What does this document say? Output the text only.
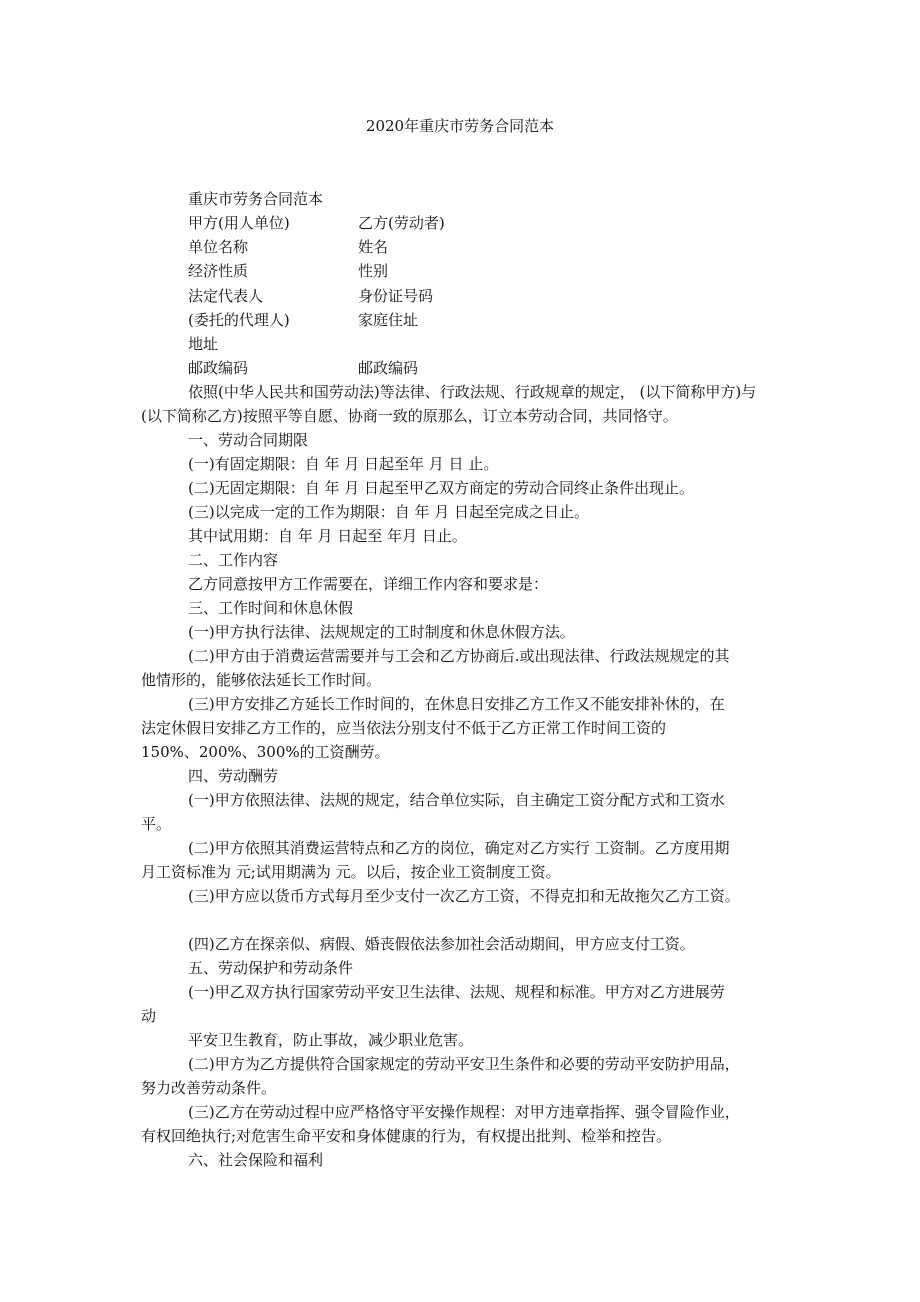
2020年重庆市劳务合同范本
重庆市劳务合同范本
甲方(用人单位)	乙方(劳动者)
单位名称	姓名
经济性质	性别
法定代表人	身份证号码
(委托的代理人)	家庭住址
地址
邮政编码	邮政编码
依照(中华人民共和国劳动法)等法律、行政法规、行政规章的规定， (以下简称甲方)与
(以下简称乙方)按照平等自愿、协商一致的原那么，订立本劳动合同，共同恪守。
一、劳动合同期限
(一)有固定期限：自 年 月 日起至年 月 日 止。
(二)无固定期限：自 年 月 日起至甲乙双方商定的劳动合同终止条件出现止。
(三)以完成一定的工作为期限：自 年 月 日起至完成之日止。
其中试用期：自 年 月 日起至 年月 日止。
二、工作内容
乙方同意按甲方工作需要在，详细工作内容和要求是：
三、工作时间和休息休假
(一)甲方执行法律、法规规定的工时制度和休息休假方法。
(二)甲方由于消费运营需要并与工会和乙方协商后.或出现法律、行政法规规定的其
他情形的，能够依法延长工作时间。
(三)甲方安排乙方延长工作时间的，在休息日安排乙方工作又不能安排补休的，在
法定休假日安排乙方工作的，应当依法分别支付不低于乙方正常工作时间工资的
150%、200%、300%的工资酬劳。
四、劳动酬劳
(一)甲方依照法律、法规的规定，结合单位实际，自主确定工资分配方式和工资水
平。
(二)甲方依照其消费运营特点和乙方的岗位，确定对乙方实行 工资制。乙方度用期
月工资标准为 元;试用期满为 元。以后，按企业工资制度工资。
(三)甲方应以货币方式每月至少支付一次乙方工资，不得克扣和无故拖欠乙方工资。
(四)乙方在探亲似、病假、婚丧假依法参加社会活动期间，甲方应支付工资。
五、劳动保护和劳动条件
(一)甲乙双方执行国家劳动平安卫生法律、法规、规程和标准。甲方对乙方进展劳
动
平安卫生教育，防止事故，减少职业危害。
(二)甲方为乙方提供符合国家规定的劳动平安卫生条件和必要的劳动平安防护用品，
努力改善劳动条件。
(三)乙方在劳动过程中应严格恪守平安操作规程：对甲方违章指挥、强令冒险作业，
有权回绝执行;对危害生命平安和身体健康的行为，有权提出批判、检举和控告。
六、社会保险和福利
